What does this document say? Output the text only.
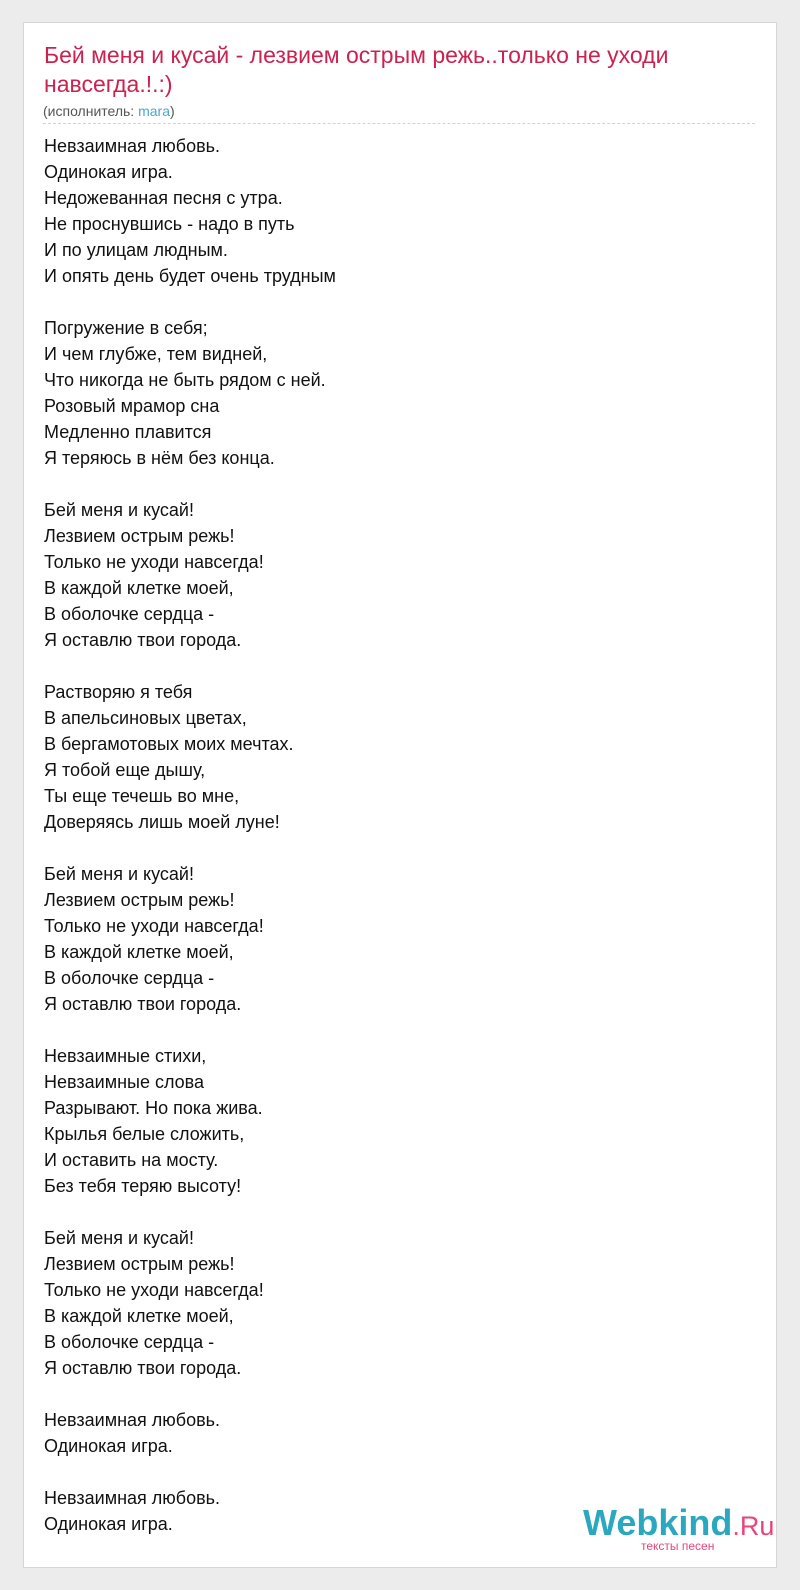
Бей меня и кусай - лезвием острым режь..только не уходи навсегда.!.:)
(исполнитель: mara)
Невзаимная любовь.
Одинокая игра.
Недожеванная песня с утра.
Не проснувшись - надо в путь
И по улицам людным.
И опять день будет очень трудным
Погружение в себя;
И чем глубже, тем видней,
Что никогда не быть рядом с ней.
Розовый мрамор сна
Медленно плавится
Я теряюсь в нём без конца.
Бей меня и кусай!
Лезвием острым режь!
Только не уходи навсегда!
В каждой клетке моей,
В оболочке сердца -
Я оставлю твои города.
Растворяю я тебя
В апельсиновых цветах,
В бергамотовых моих мечтах.
Я тобой еще дышу,
Ты еще течешь во мне,
Доверяясь лишь моей луне!
Бей меня и кусай!
Лезвием острым режь!
Только не уходи навсегда!
В каждой клетке моей,
В оболочке сердца -
Я оставлю твои города.
Невзаимные стихи,
Невзаимные слова
Разрывают. Но пока жива.
Крылья белые сложить,
И оставить на мосту.
Без тебя теряю высоту!
Бей меня и кусай!
Лезвием острым режь!
Только не уходи навсегда!
В каждой клетке моей,
В оболочке сердца -
Я оставлю твои города.
Невзаимная любовь.
Одинокая игра.
Невзаимная любовь.
Одинокая игра.	Webkind.Ru
тексты песен
